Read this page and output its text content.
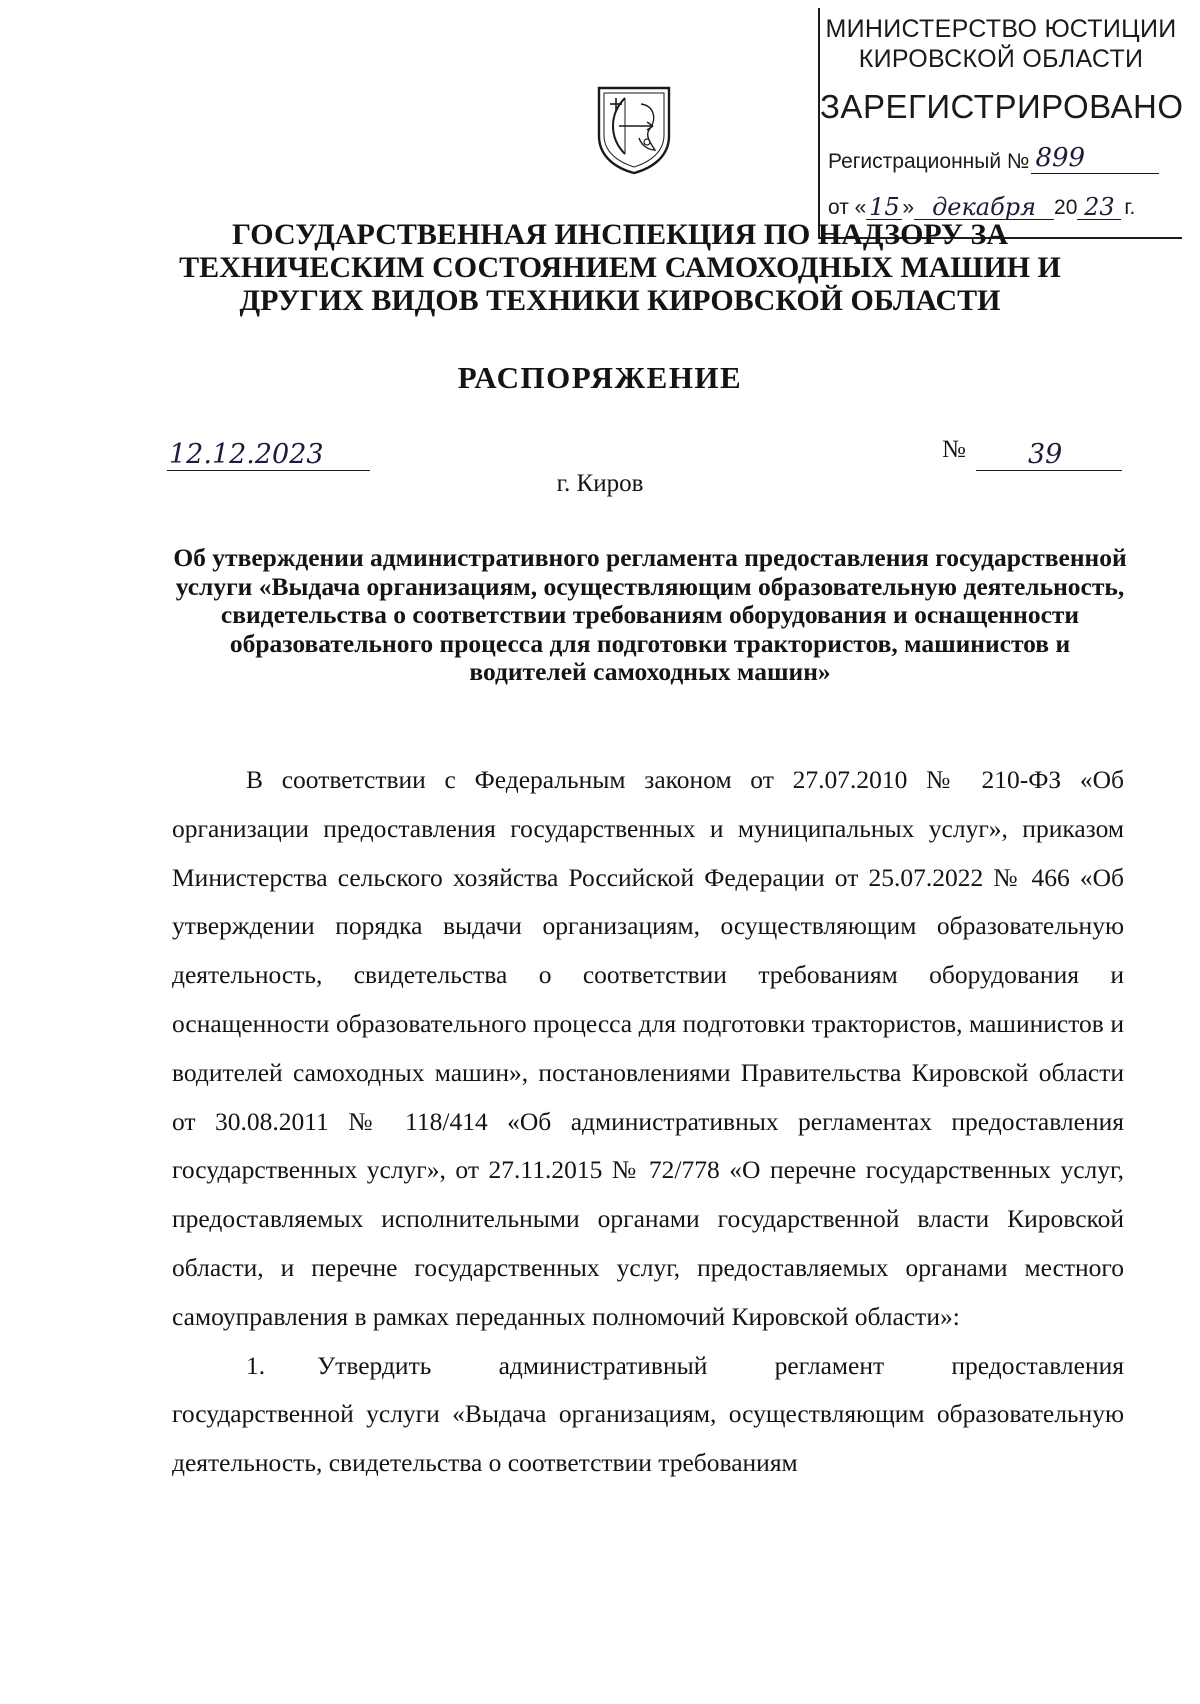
МИНИСТЕРСТВО ЮСТИЦИИ КИРОВСКОЙ ОБЛАСТИ
ЗАРЕГИСТРИРОВАНО
Регистрационный № 899
от « 15 » декабря 20 23 г.
ГОСУДАРСТВЕННАЯ ИНСПЕКЦИЯ ПО НАДЗОРУ ЗА ТЕХНИЧЕСКИМ СОСТОЯНИЕМ САМОХОДНЫХ МАШИН И ДРУГИХ ВИДОВ ТЕХНИКИ КИРОВСКОЙ ОБЛАСТИ
РАСПОРЯЖЕНИЕ
12.12.2023	№ 39
г. Киров
Об утверждении административного регламента предоставления государственной услуги «Выдача организациям, осуществляющим образовательную деятельность, свидетельства о соответствии требованиям оборудования и оснащенности образовательного процесса для подготовки трактористов, машинистов и водителей самоходных машин»

В соответствии с Федеральным законом от 27.07.2010 № 210-ФЗ «Об организации предоставления государственных и муниципальных услуг», приказом Министерства сельского хозяйства Российской Федерации от 25.07.2022 № 466 «Об утверждении порядка выдачи организациям, осуществляющим образовательную деятельность, свидетельства о соответствии требованиям оборудования и оснащенности образовательного процесса для подготовки трактористов, машинистов и водителей самоходных машин», постановлениями Правительства Кировской области от 30.08.2011 № 118/414 «Об административных регламентах предоставления государственных услуг», от 27.11.2015 № 72/778 «О перечне государственных услуг, предоставляемых исполнительными органами государственной власти Кировской области, и перечне государственных услуг, предоставляемых органами местного самоуправления в рамках переданных полномочий Кировской области»:

1. Утвердить административный регламент предоставления государственной услуги «Выдача организациям, осуществляющим образовательную деятельность, свидетельства о соответствии требованиям
